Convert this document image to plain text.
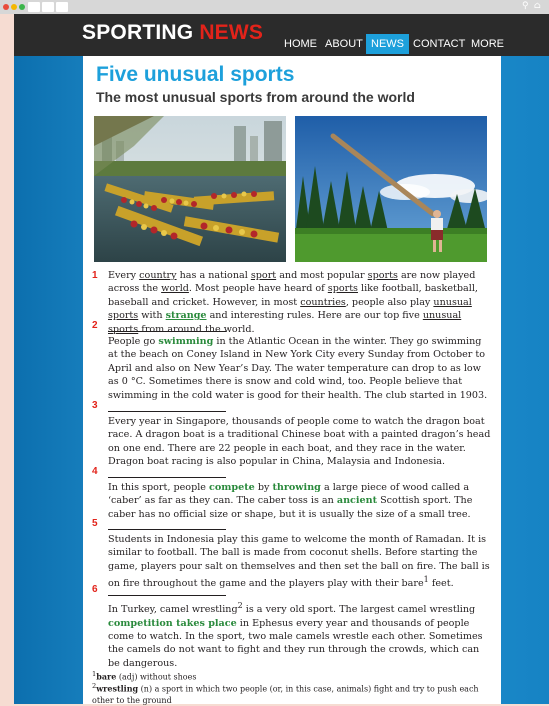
⚲ ⌂
SPORTING NEWS	HOME ABOUT NEWS CONTACT MORE
Five unusual sports
The most unusual sports from around the world
1 Every country has a national sport and most popular sports are now played across the world. Most people have heard of sports like football, basketball, baseball and cricket. However, in most countries, people also play unusual sports with strange and interesting rules. Here are our top five unusual sports from around the world.
2
People go swimming in the Atlantic Ocean in the winter. They go swimming at the beach on Coney Island in New York City every Sunday from October to April and also on New Year’s Day. The water temperature can drop to as low as 0 °C. Sometimes there is snow and cold wind, too. People believe that swimming in the cold water is good for their health. The club started in 1903.
3
Every year in Singapore, thousands of people come to watch the dragon boat race. A dragon boat is a traditional Chinese boat with a painted dragon’s head on one end. There are 22 people in each boat, and they race in the water. Dragon boat racing is also popular in China, Malaysia and Indonesia.
4
In this sport, people compete by throwing a large piece of wood called a ‘caber’ as far as they can. The caber toss is an ancient Scottish sport. The caber has no official size or shape, but it is usually the size of a small tree.
5
Students in Indonesia play this game to welcome the month of Ramadan. It is similar to football. The ball is made from coconut shells. Before starting the game, players pour salt on themselves and then set the ball on fire. The ball is on fire throughout the game and the players play with their bare$^1$ feet.
6
In Turkey, camel wrestling$^2$ is a very old sport. The largest camel wrestling competition takes place in Ephesus every year and thousands of people come to watch. In the sport, two male camels wrestle each other. Sometimes the camels do not want to fight and they run through the crowds, which can be dangerous.
$^1$bare (adj) without shoes
$^2$wrestling (n) a sport in which two people (or, in this case, animals) fight and try to push each other to the ground
